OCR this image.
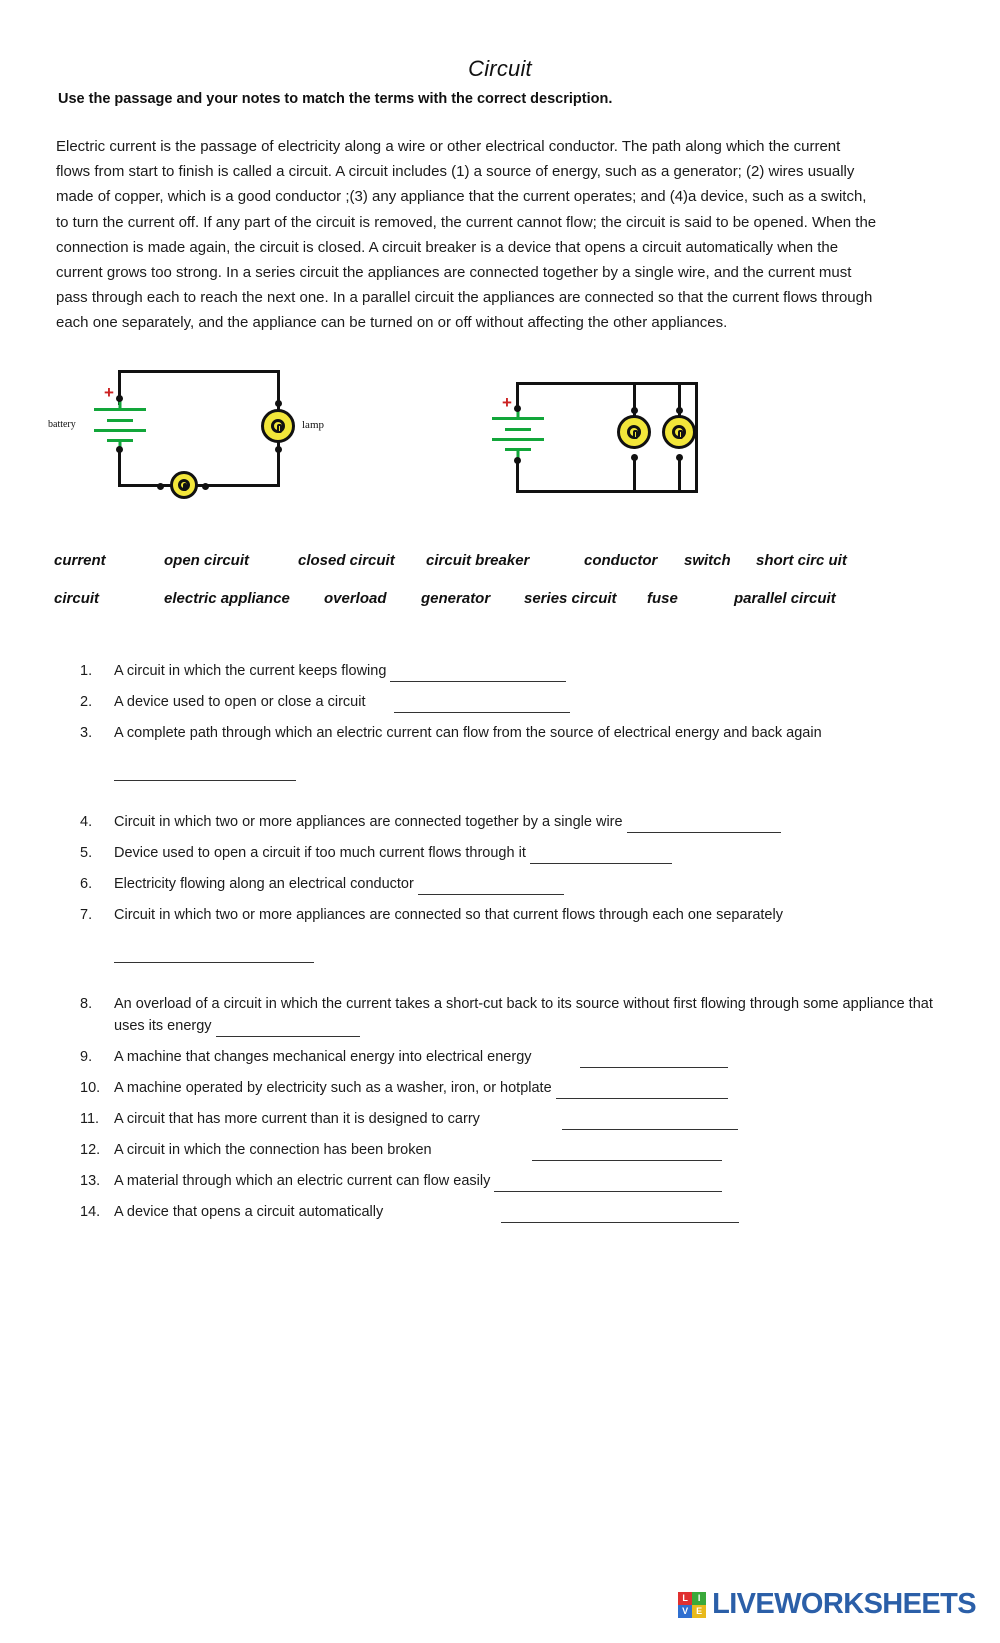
Circuit
Use the passage and your notes to match the terms with the correct description.
Electric current is the passage of electricity along a wire or other electrical conductor. The path along which the current flows from start to finish is called a circuit. A circuit includes (1) a source of energy, such as a generator; (2) wires usually made of copper, which is a good conductor ;(3) any appliance that the current operates; and (4)a device, such as a switch, to turn the current off. If any part of the circuit is removed, the current cannot flow; the circuit is said to be opened. When the connection is made again, the circuit is closed. A circuit breaker is a device that opens a circuit automatically when the current grows too strong. In a series circuit the appliances are connected together by a single wire, and the current must pass through each to reach the next one. In a parallel circuit the appliances are connected so that the current flows through each one separately, and the appliance can be turned on or off without affecting the other appliances.
+
battery	lamp
+
current	open circuit	closed circuit circuit breaker	conductor switch short circ uit
circuit	electric appliance overload generator series circuit fuse	parallel circuit
1.	A circuit in which the current keeps flowing
2.	A device used to open or close a circuit
3.	A complete path through which an electric current can flow from the source of electrical energy and back again
4.	Circuit in which two or more appliances are connected together by a single wire
5.	Device used to open a circuit if too much current flows through it
6.	Electricity flowing along an electrical conductor
7.	Circuit in which two or more appliances are connected so that current flows through each one separately
8.	An overload of a circuit in which the current takes a short-cut back to its source without first flowing through some appliance that uses its energy
9.	A machine that changes mechanical energy into electrical energy
10. A machine operated by electricity such as a washer, iron, or hotplate
11.	A circuit that has more current than it is designed to carry
12. A circuit in which the connection has been broken
13. A material through which an electric current can flow easily
14. A device that opens a circuit automatically
L	I
V E LIVEWORKSHEETS
